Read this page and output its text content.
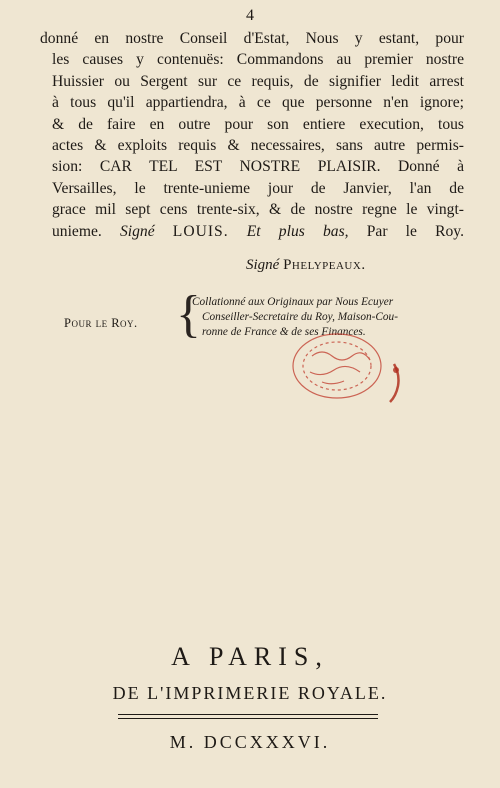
4
donné en nostre Conseil d'Estat, Nous y estant, pour
les causes y contenuës: Commandons au premier nostre
Huissier ou Sergent sur ce requis, de signifier ledit arrest
à tous qu'il appartiendra, à ce que personne n'en ignore;
& de faire en outre pour son entiere execution, tous
actes & exploits requis & necessaires, sans autre permis-
sion: CAR TEL EST NOSTRE PLAISIR. Donné à
Versailles, le trente-unieme jour de Janvier, l'an de
grace mil sept cens trente-six, & de nostre regne le vingt-
unieme. Signé LOUIS. Et plus bas, Par le Roy.
Signé Phelypeaux.
Pour le Roy. {
Collationné aux Originaux par Nous Ecuyer
Conseiller-Secretaire du Roy, Maison-Cou-
ronne de France & de ses Finances.
A PARIS,
DE L'IMPRIMERIE ROYALE.
M. DCCXXXVI.
